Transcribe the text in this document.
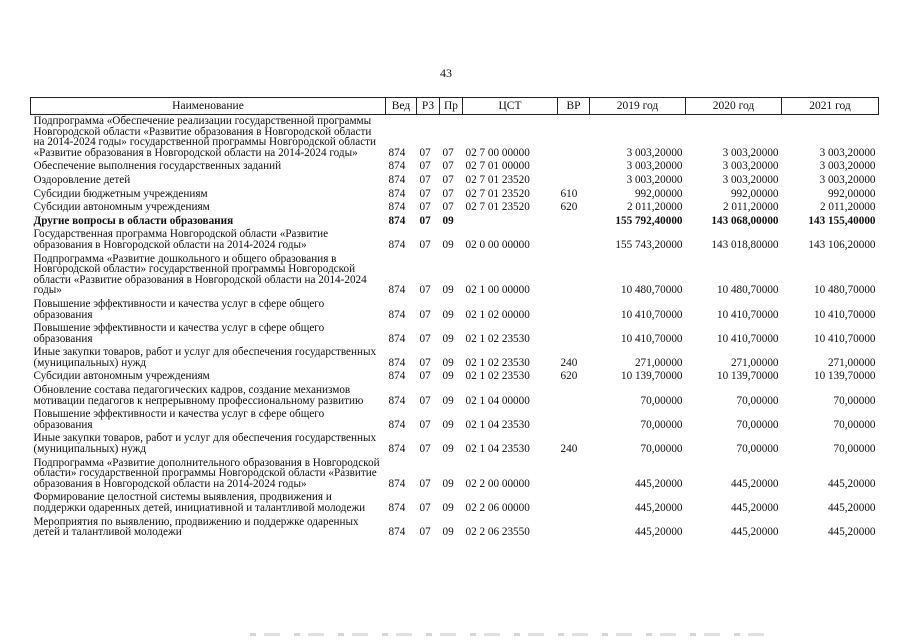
43
Наименование	Вед	РЗ	Пр	ЦСТ	ВР	2019 год	2020 год	2021 год
Подпрограмма «Обеспечение реализации государственной программы Новгородской области «Развитие образования в Новгородской области на 2014-2024 годы» государственной программы Новгородской области «Развитие образования в Новгородской области на 2014-2024 годы»	874	07	07	02 7 00 00000		3 003,20000	3 003,20000	3 003,20000
Обеспечение выполнения государственных заданий	874	07	07	02 7 01 00000		3 003,20000	3 003,20000	3 003,20000
Оздоровление детей	874	07	07	02 7 01 23520		3 003,20000	3 003,20000	3 003,20000
Субсидии бюджетным учреждениям	874	07	07	02 7 01 23520	610	992,00000	992,00000	992,00000
Субсидии автономным учреждениям	874	07	07	02 7 01 23520	620	2 011,20000	2 011,20000	2 011,20000
Другие вопросы в области образования	874	07	09			155 792,40000	143 068,00000	143 155,40000
Государственная программа Новгородской области «Развитие образования в Новгородской области на 2014-2024 годы»	874	07	09	02 0 00 00000		155 743,20000	143 018,80000	143 106,20000
Подпрограмма «Развитие дошкольного и общего образования в Новгородской области» государственной программы Новгородской области «Развитие образования в Новгородской области на 2014-2024 годы»	874	07	09	02 1 00 00000		10 480,70000	10 480,70000	10 480,70000
Повышение эффективности и качества услуг в сфере общего образования	874	07	09	02 1 02 00000		10 410,70000	10 410,70000	10 410,70000
Повышение эффективности и качества услуг в сфере общего образования	874	07	09	02 1 02 23530		10 410,70000	10 410,70000	10 410,70000
Иные закупки товаров, работ и услуг для обеспечения государственных (муниципальных) нужд	874	07	09	02 1 02 23530	240	271,00000	271,00000	271,00000
Субсидии автономным учреждениям	874	07	09	02 1 02 23530	620	10 139,70000	10 139,70000	10 139,70000
Обновление состава педагогических кадров, создание механизмов мотивации педагогов к непрерывному профессиональному развитию	874	07	09	02 1 04 00000		70,00000	70,00000	70,00000
Повышение эффективности и качества услуг в сфере общего образования	874	07	09	02 1 04 23530		70,00000	70,00000	70,00000
Иные закупки товаров, работ и услуг для обеспечения государственных (муниципальных) нужд	874	07	09	02 1 04 23530	240	70,00000	70,00000	70,00000
Подпрограмма «Развитие дополнительного образования в Новгородской области» государственной программы Новгородской области «Развитие образования в Новгородской области на 2014-2024 годы»	874	07	09	02 2 00 00000		445,20000	445,20000	445,20000
Формирование целостной системы выявления, продвижения и поддержки одаренных детей, инициативной и талантливой молодежи	874	07	09	02 2 06 00000		445,20000	445,20000	445,20000
Мероприятия по выявлению, продвижению и поддержке одаренных детей и талантливой молодежи	874	07	09	02 2 06 23550		445,20000	445,20000	445,20000
